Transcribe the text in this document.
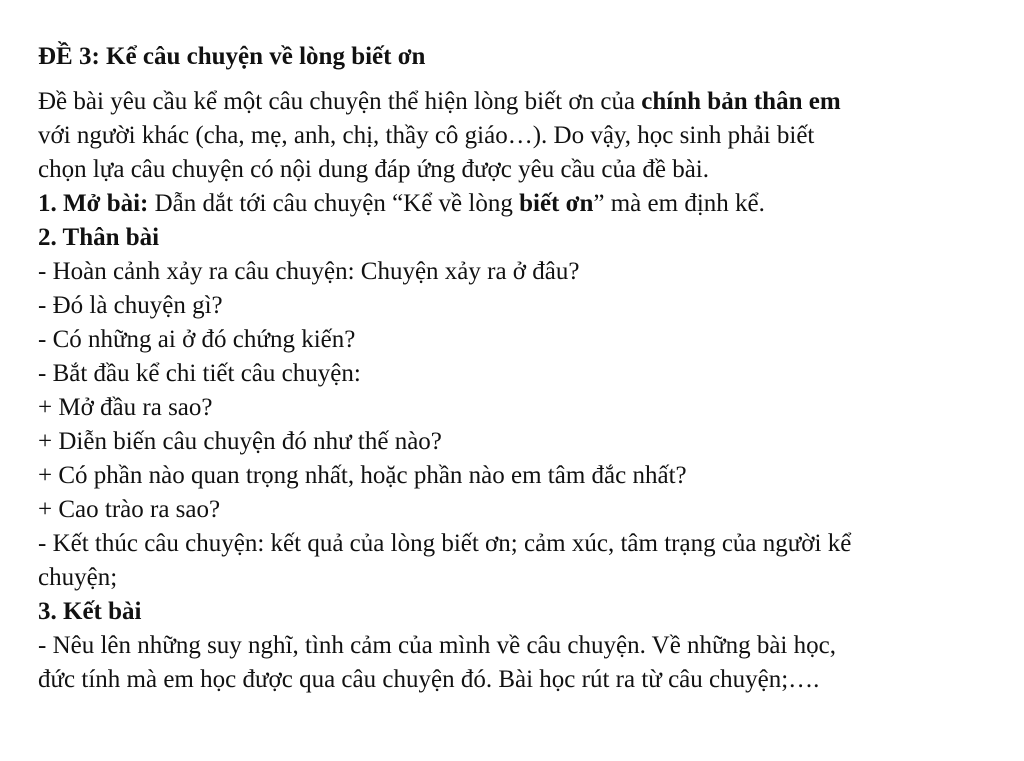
ĐỀ 3: Kể câu chuyện về lòng biết ơn
Đề bài yêu cầu kể một câu chuyện thể hiện lòng biết ơn của chính bản thân em
với người khác (cha, mẹ, anh, chị, thầy cô giáo…). Do vậy, học sinh phải biết
chọn lựa câu chuyện có nội dung đáp ứng được yêu cầu của đề bài.
1. Mở bài: Dẫn dắt tới câu chuyện “Kể về lòng biết ơn” mà em định kể.
2. Thân bài
- Hoàn cảnh xảy ra câu chuyện: Chuyện xảy ra ở đâu?
- Đó là chuyện gì?
- Có những ai ở đó chứng kiến?
- Bắt đầu kể chi tiết câu chuyện:
+ Mở đầu ra sao?
+ Diễn biến câu chuyện đó như thế nào?
+ Có phần nào quan trọng nhất, hoặc phần nào em tâm đắc nhất?
+ Cao trào ra sao?
- Kết thúc câu chuyện: kết quả của lòng biết ơn; cảm xúc, tâm trạng của người kể
chuyện;
3. Kết bài
- Nêu lên những suy nghĩ, tình cảm của mình về câu chuyện. Về những bài học,
đức tính mà em học được qua câu chuyện đó. Bài học rút ra từ câu chuyện;….
